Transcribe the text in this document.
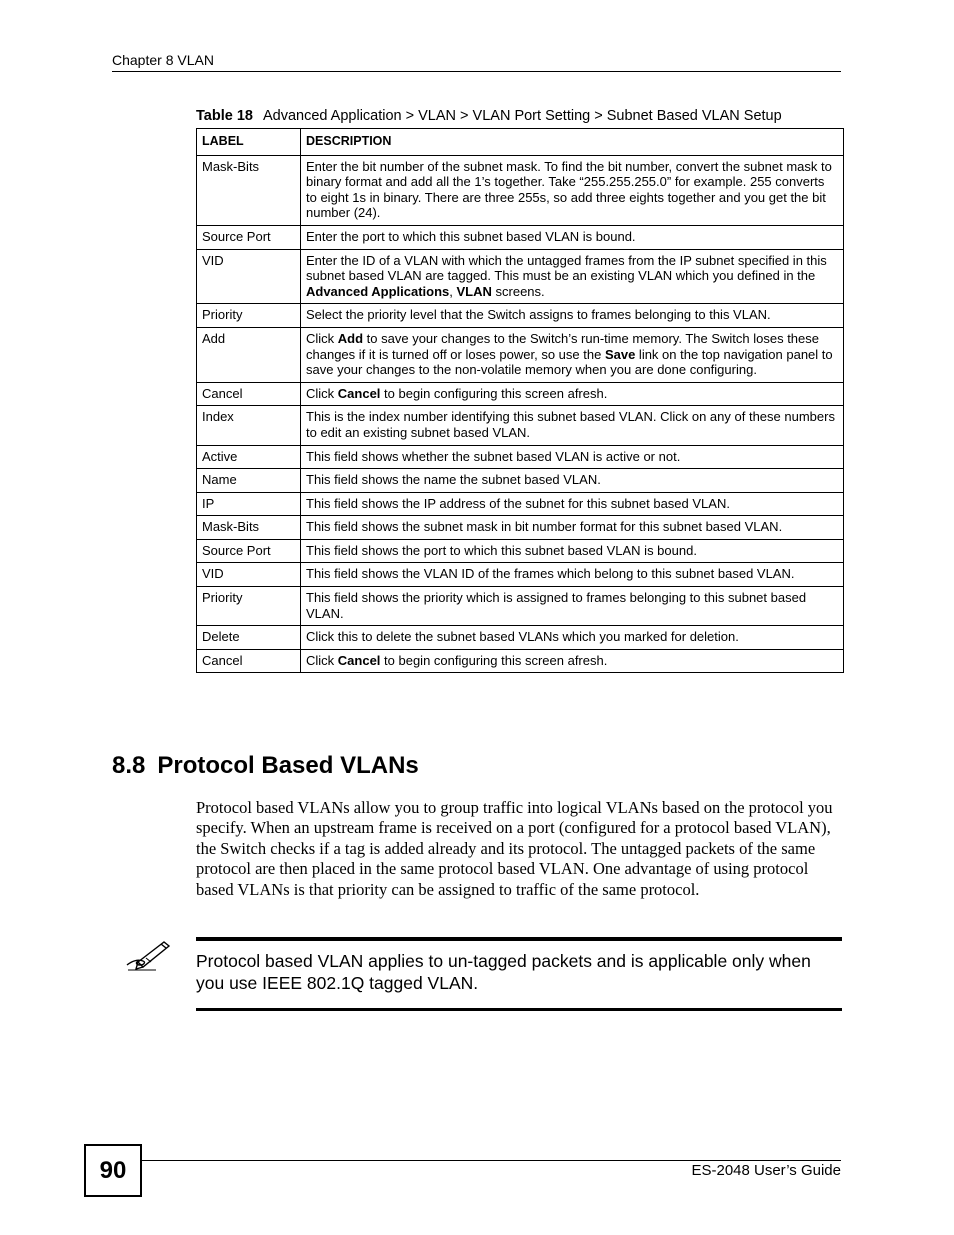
Chapter 8 VLAN
Table 18 Advanced Application > VLAN > VLAN Port Setting > Subnet Based VLAN Setup
LABEL	DESCRIPTION
Mask-Bits	Enter the bit number of the subnet mask. To find the bit number, convert the subnet mask to binary format and add all the 1’s together. Take “255.255.255.0” for example. 255 converts to eight 1s in binary. There are three 255s, so add three eights together and you get the bit number (24).
Source Port	Enter the port to which this subnet based VLAN is bound.
VID	Enter the ID of a VLAN with which the untagged frames from the IP subnet specified in this subnet based VLAN are tagged. This must be an existing VLAN which you defined in the Advanced Applications, VLAN screens.
Priority	Select the priority level that the Switch assigns to frames belonging to this VLAN.
Add	Click Add to save your changes to the Switch’s run-time memory. The Switch loses these changes if it is turned off or loses power, so use the Save link on the top navigation panel to save your changes to the non-volatile memory when you are done configuring.
Cancel	Click Cancel to begin configuring this screen afresh.
Index	This is the index number identifying this subnet based VLAN. Click on any of these numbers to edit an existing subnet based VLAN.
Active	This field shows whether the subnet based VLAN is active or not.
Name	This field shows the name the subnet based VLAN.
IP	This field shows the IP address of the subnet for this subnet based VLAN.
Mask-Bits	This field shows the subnet mask in bit number format for this subnet based VLAN.
Source Port	This field shows the port to which this subnet based VLAN is bound.
VID	This field shows the VLAN ID of the frames which belong to this subnet based VLAN.
Priority	This field shows the priority which is assigned to frames belonging to this subnet based VLAN.
Delete	Click this to delete the subnet based VLANs which you marked for deletion.
Cancel	Click Cancel to begin configuring this screen afresh.
8.8 Protocol Based VLANs
Protocol based VLANs allow you to group traffic into logical VLANs based on the protocol you specify. When an upstream frame is received on a port (configured for a protocol based VLAN), the Switch checks if a tag is added already and its protocol. The untagged packets of the same protocol are then placed in the same protocol based VLAN. One advantage of using protocol based VLANs is that priority can be assigned to traffic of the same protocol.
Protocol based VLAN applies to un-tagged packets and is applicable only when you use IEEE 802.1Q tagged VLAN.
90	ES-2048 User’s Guide
